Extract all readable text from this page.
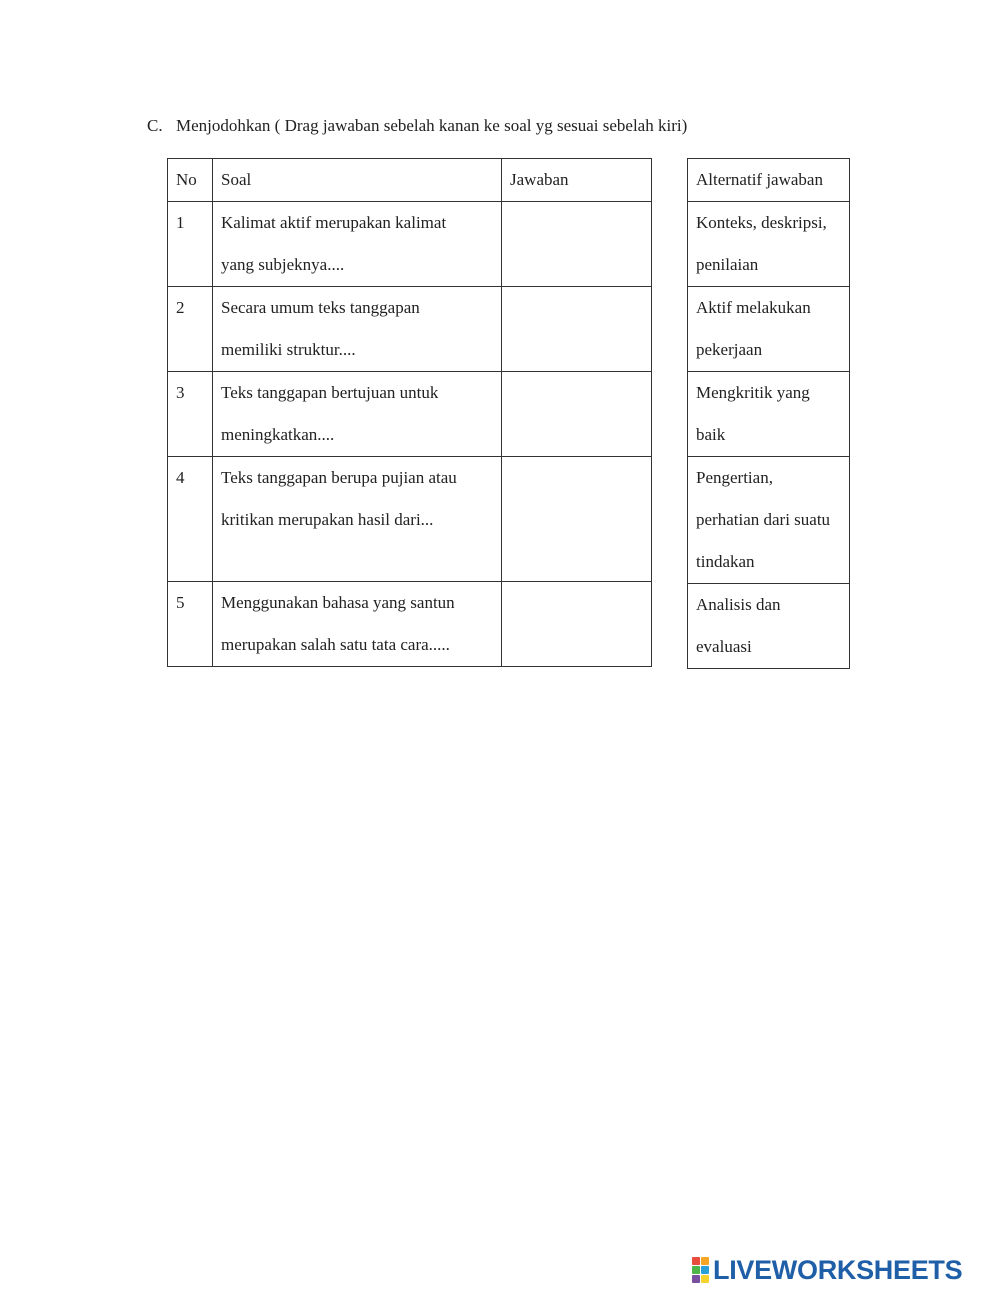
C. Menjodohkan ( Drag jawaban sebelah kanan ke soal yg sesuai sebelah kiri)
No	Soal	Jawaban
1	Kalimat aktif merupakan kalimat
yang subjeknya....	

2	Secara umum teks tanggapan
memiliki struktur....	

3	Teks tanggapan bertujuan untuk
meningkatkan....	

4	Teks tanggapan berupa pujian atau
kritikan merupakan hasil dari...	

5	Menggunakan bahasa yang santun
merupakan salah satu tata cara.....	

Alternatif jawaban

Konteks, deskripsi,
penilaian

Aktif melakukan
pekerjaan

Mengkritik yang
baik

Pengertian,
perhatian dari suatu
tindakan

Analisis dan
evaluasi
LIVEWORKSHEETS
